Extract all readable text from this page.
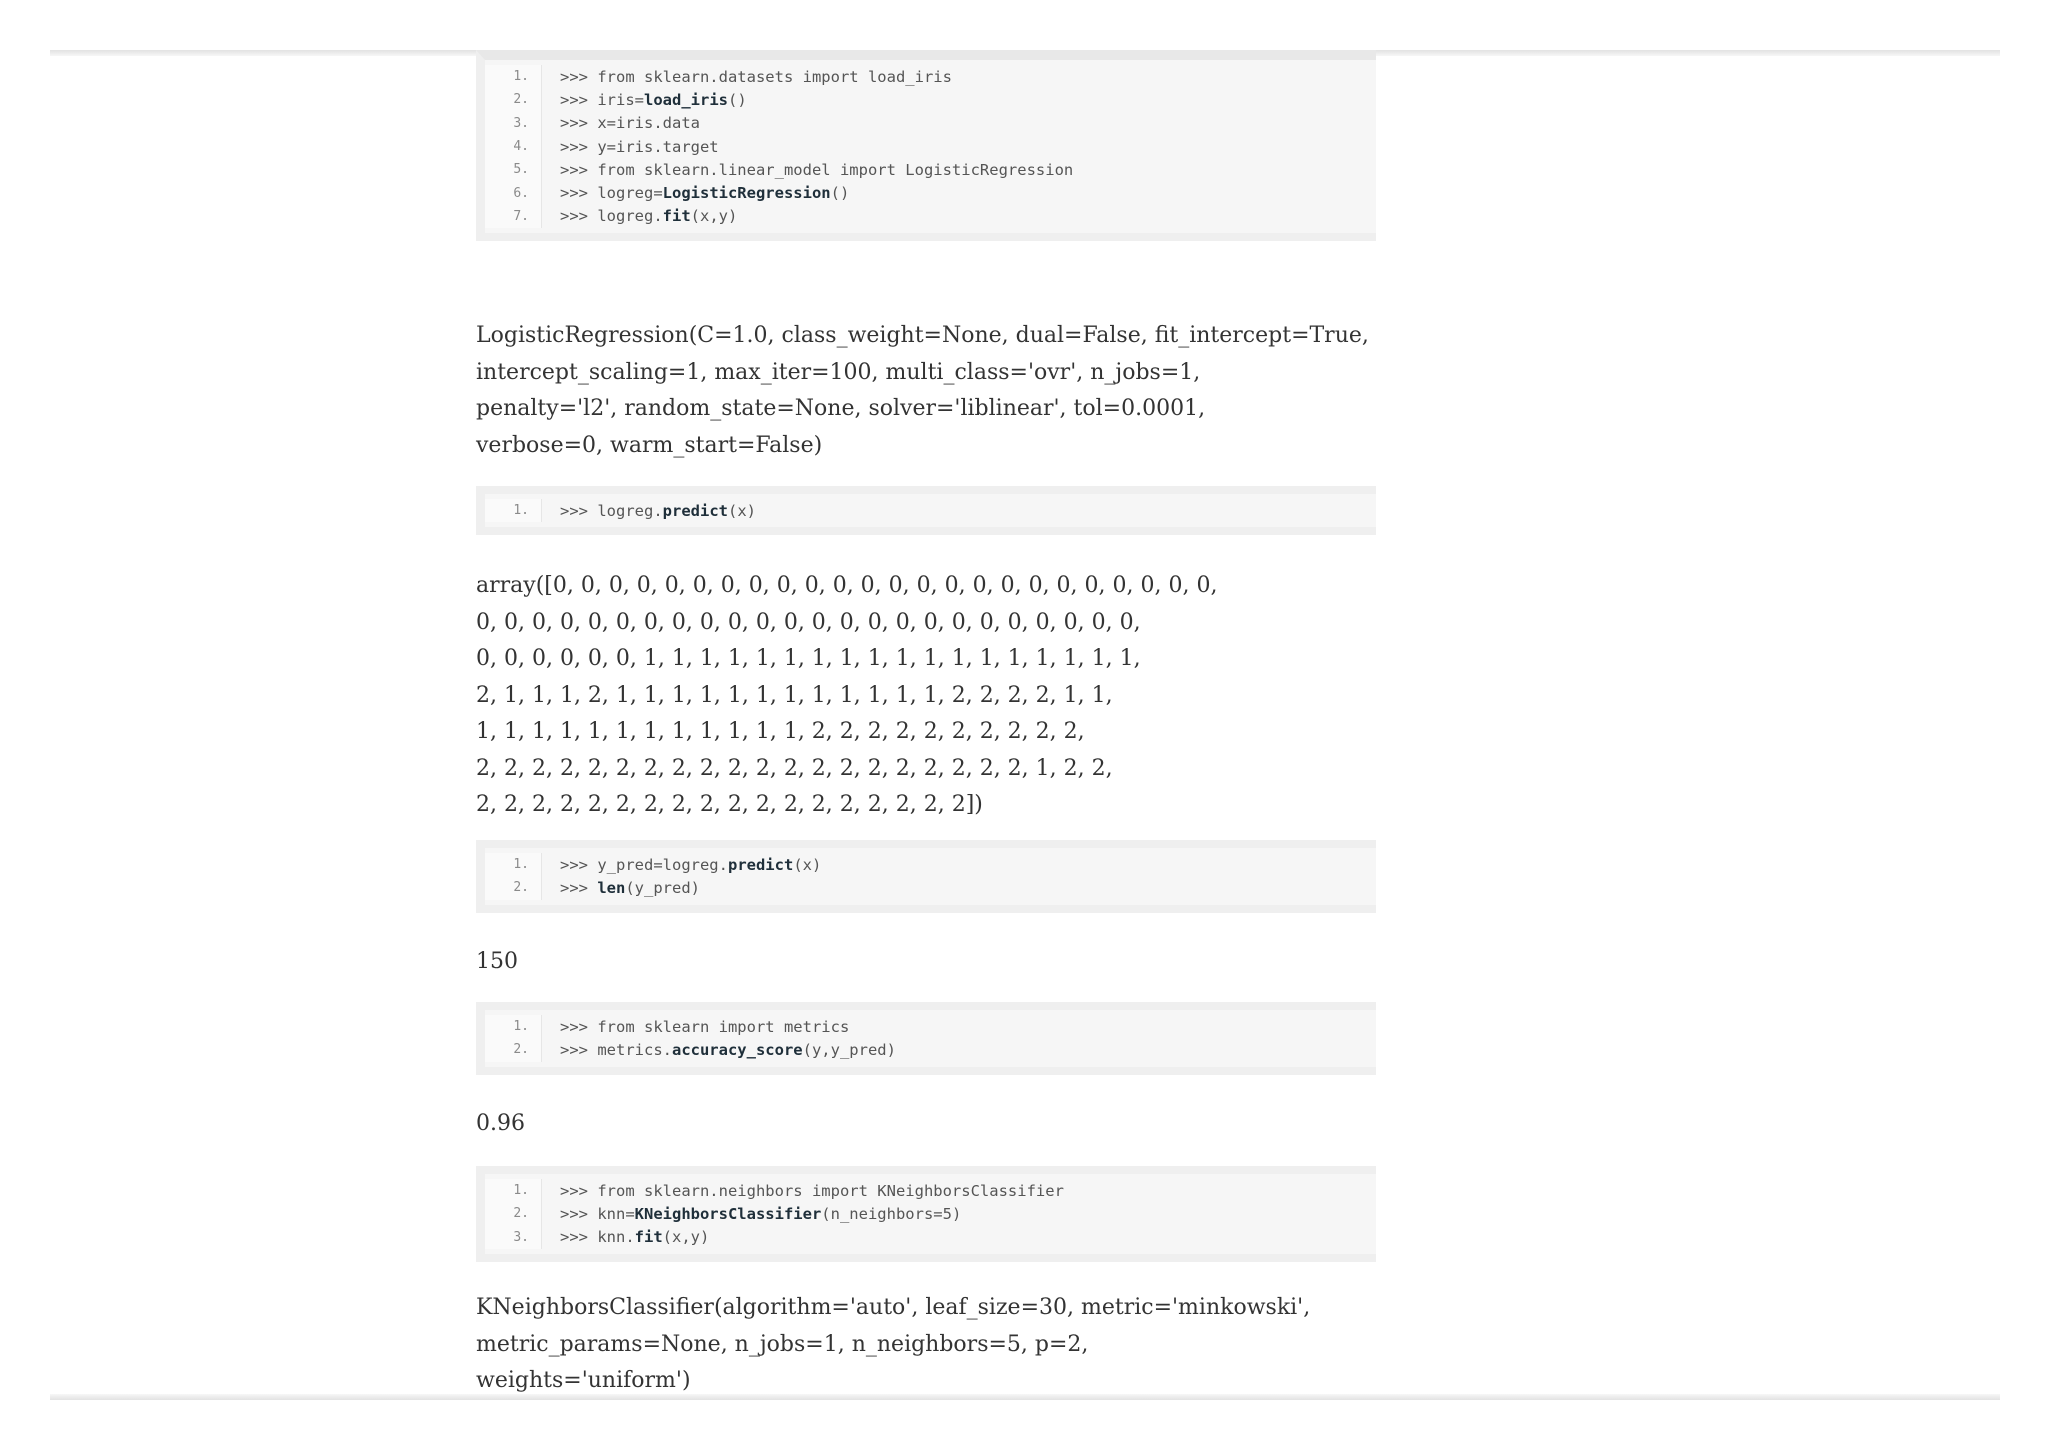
1.	>>> from sklearn.datasets import load_iris
2.	>>> iris=load_iris()
3.	>>> x=iris.data
4.	>>> y=iris.target
5.	>>> from sklearn.linear_model import LogisticRegression
6.	>>> logreg=LogisticRegression()
7.	>>> logreg.fit(x,y)

LogisticRegression(C=1.0, class_weight=None, dual=False, fit_intercept=True,

intercept_scaling=1, max_iter=100, multi_class='ovr', n_jobs=1,

penalty='l2', random_state=None, solver='liblinear', tol=0.0001,

verbose=0, warm_start=False)

1.	>>> logreg.predict(x)

array([0, 0, 0, 0, 0, 0, 0, 0, 0, 0, 0, 0, 0, 0, 0, 0, 0, 0, 0, 0, 0, 0, 0, 0,

0, 0, 0, 0, 0, 0, 0, 0, 0, 0, 0, 0, 0, 0, 0, 0, 0, 0, 0, 0, 0, 0, 0, 0,

0, 0, 0, 0, 0, 0, 1, 1, 1, 1, 1, 1, 1, 1, 1, 1, 1, 1, 1, 1, 1, 1, 1, 1,

2, 1, 1, 1, 2, 1, 1, 1, 1, 1, 1, 1, 1, 1, 1, 1, 1, 2, 2, 2, 2, 1, 1,

1, 1, 1, 1, 1, 1, 1, 1, 1, 1, 1, 1, 2, 2, 2, 2, 2, 2, 2, 2, 2, 2,

2, 2, 2, 2, 2, 2, 2, 2, 2, 2, 2, 2, 2, 2, 2, 2, 2, 2, 2, 2, 1, 2, 2,

2, 2, 2, 2, 2, 2, 2, 2, 2, 2, 2, 2, 2, 2, 2, 2, 2, 2])

1.	>>> y_pred=logreg.predict(x)
2.	>>> len(y_pred)

150

1.	>>> from sklearn import metrics
2.	>>> metrics.accuracy_score(y,y_pred)

0.96

1.	>>> from sklearn.neighbors import KNeighborsClassifier
2.	>>> knn=KNeighborsClassifier(n_neighbors=5)
3.	>>> knn.fit(x,y)

KNeighborsClassifier(algorithm='auto', leaf_size=30, metric='minkowski',

metric_params=None, n_jobs=1, n_neighbors=5, p=2,

weights='uniform')
